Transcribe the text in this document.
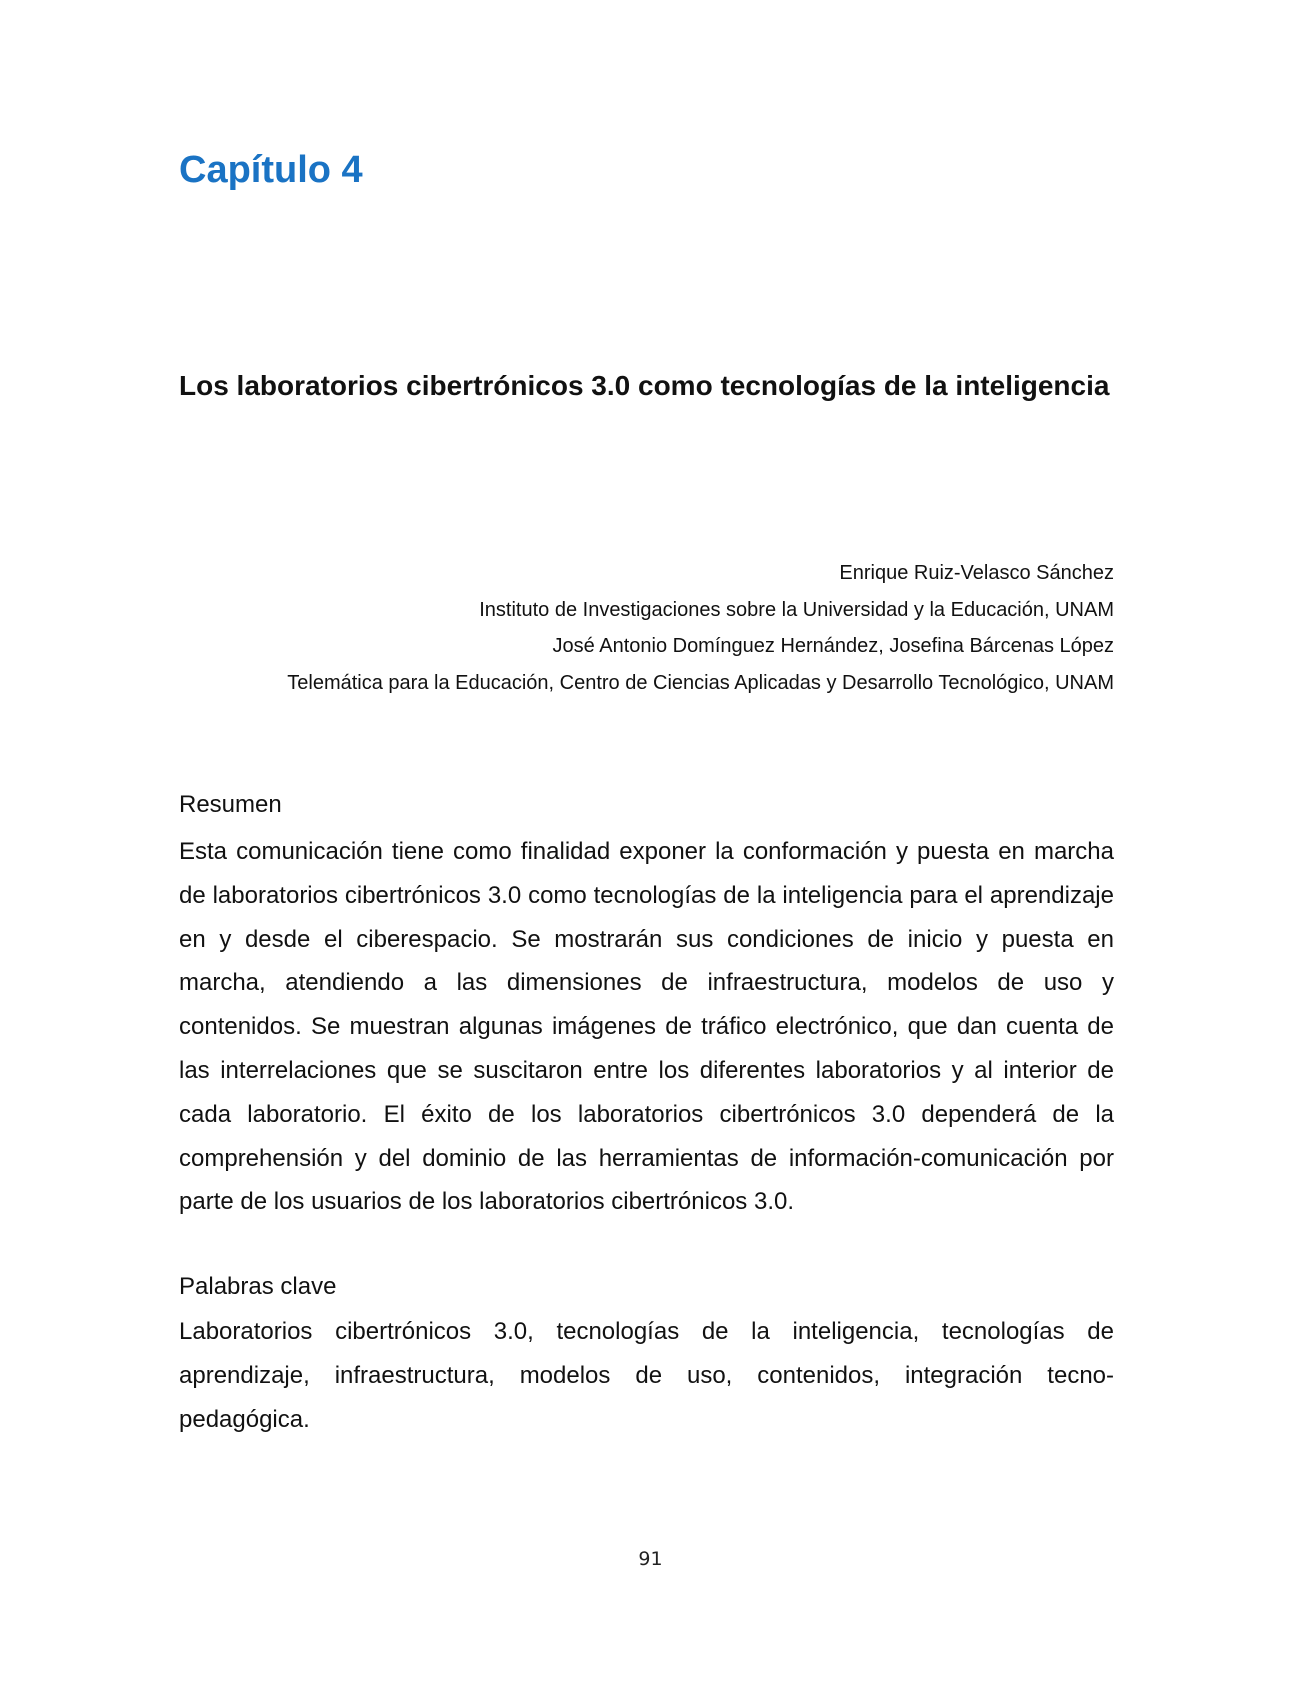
Capítulo 4
Los laboratorios cibertrónicos 3.0 como tecnologías de la inteligencia
Enrique Ruiz-Velasco Sánchez
Instituto de Investigaciones sobre la Universidad y la Educación, UNAM
José Antonio Domínguez Hernández, Josefina Bárcenas López
Telemática para la Educación, Centro de Ciencias Aplicadas y Desarrollo Tecnológico, UNAM
Resumen

Esta comunicación tiene como finalidad exponer la conformación y puesta en marcha de laboratorios cibertrónicos 3.0 como tecnologías de la inteligencia para el aprendizaje en y desde el ciberespacio. Se mostrarán sus condiciones de inicio y puesta en marcha, atendiendo a las dimensiones de infraestructura, modelos de uso y contenidos. Se muestran algunas imágenes de tráfico electrónico, que dan cuenta de las interrelaciones que se suscitaron entre los diferentes laboratorios y al interior de cada laboratorio. El éxito de los laboratorios cibertrónicos 3.0 dependerá de la comprehensión y del dominio de las herramientas de información-comunicación por parte de los usuarios de los laboratorios cibertrónicos 3.0.

Palabras clave

Laboratorios cibertrónicos 3.0, tecnologías de la inteligencia, tecnologías de aprendizaje, infraestructura, modelos de uso, contenidos, integración tecno-pedagógica.

91
